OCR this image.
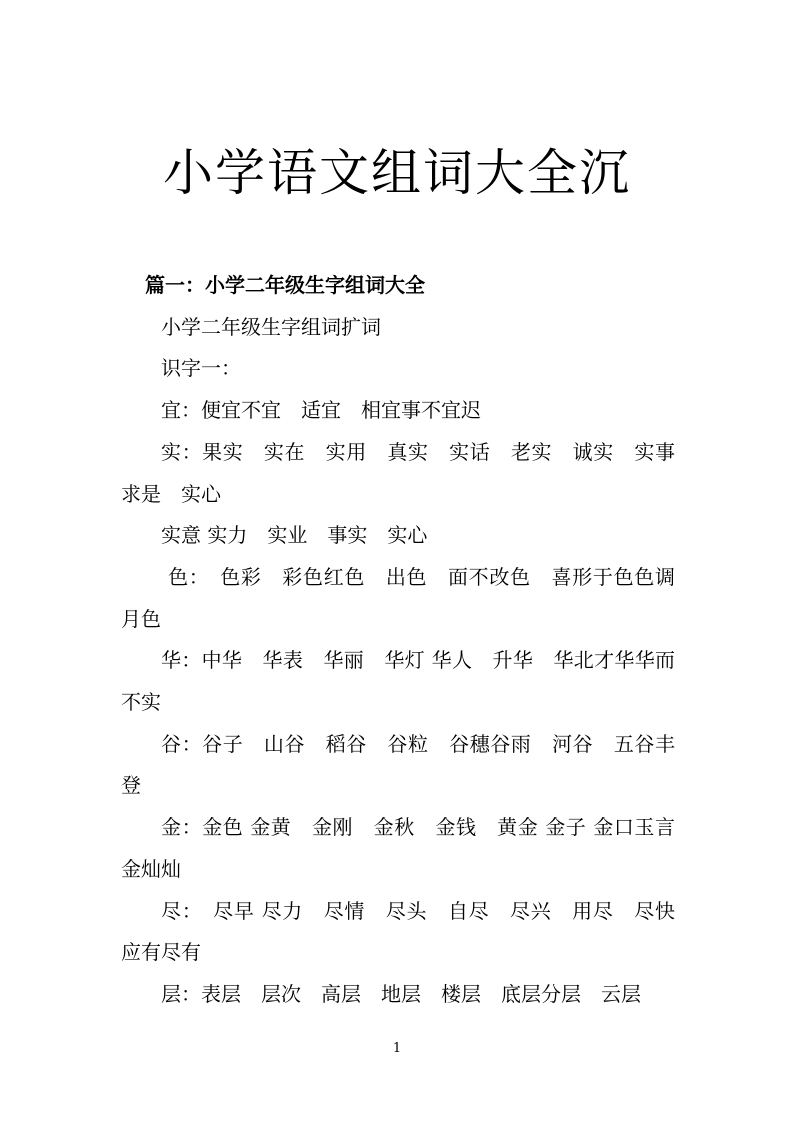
小学语文组词大全沉

篇一：小学二年级生字组词大全

小学二年级生字组词扩词

识字一：

宜：便宜不宜　适宜　相宜事不宜迟

实：果实　实在　实用　真实　实话　老实　诚实　实事求是　实心

实意 实力　实业　事实　实心

色：　色彩　彩色红色　出色　面不改色　喜形于色色调　月色

华：中华　华表　华丽　华灯 华人　升华　华北才华华而不实

谷：谷子　山谷　稻谷　谷粒　谷穗谷雨　河谷　五谷丰登

金：金色 金黄　金刚　金秋　金钱　黄金 金子 金口玉言 金灿灿

尽：　尽早 尽力　尽情　尽头　自尽　尽兴　用尽　尽快　应有尽有

层：表层　层次　高层　地层　楼层　底层分层　云层

1
